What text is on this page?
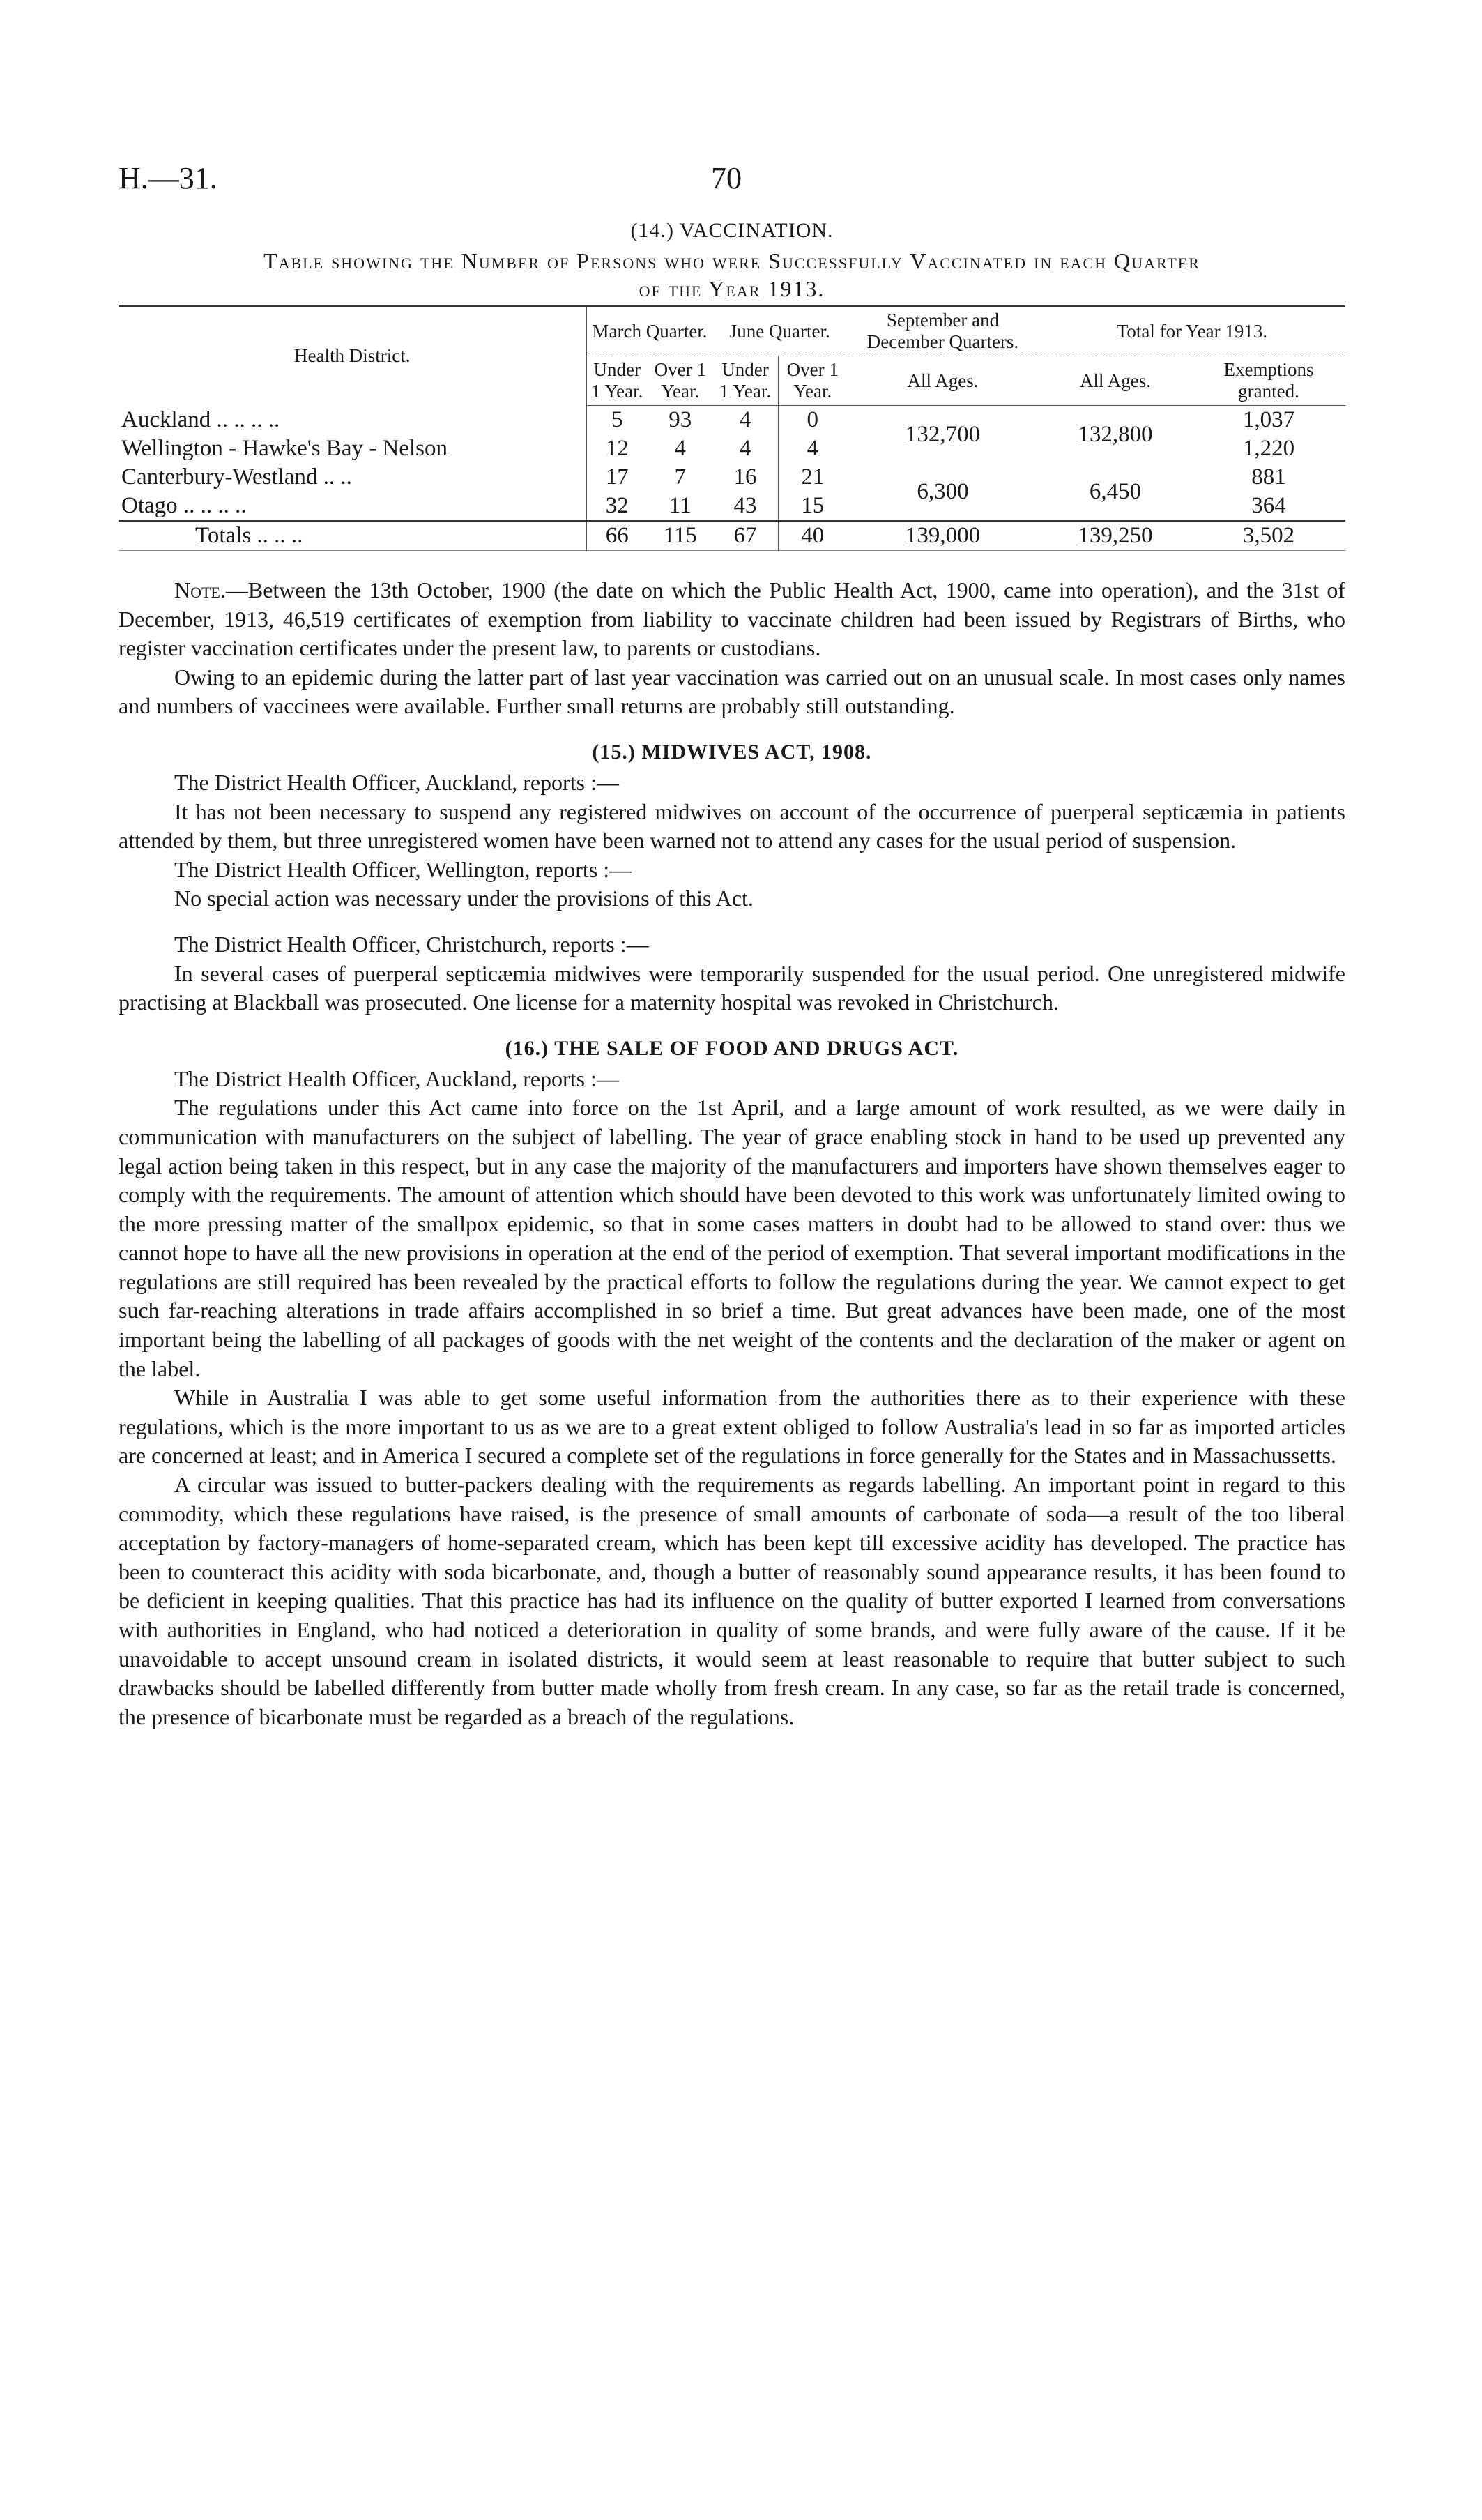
H.—31.	70
(14.) VACCINATION.
Table showing the Number of Persons who were Successfully Vaccinated in each Quarter
of the Year 1913.
Health District.	March Quarter.		June Quarter.		September and December Quarters.	Total for Year 1913.	
	Under 1 Year.	Over 1 Year.	Under 1 Year.	Over 1 Year.	All Ages.	All Ages.	Exemptions granted.
Auckland .. .. .. ..	5	93	4	0	132,700	132,800	1,037
Wellington - Hawke's Bay - Nelson	12	4	4	4			1,220
Canterbury-Westland .. ..	17	7	16	21	6,300	6,450	881
Otago .. .. .. ..	32	11	43	15			364
Totals .. .. ..	66	115	67	40	139,000	139,250	3,502

Note.—Between the 13th October, 1900 (the date on which the Public Health Act, 1900, came into operation), and the 31st of December, 1913, 46,519 certificates of exemption from liability to vaccinate children had been issued by Registrars of Births, who register vaccination certificates under the present law, to parents or custodians.

Owing to an epidemic during the latter part of last year vaccination was carried out on an unusual scale. In most cases only names and numbers of vaccinees were available. Further small returns are probably still outstanding.

(15.) MIDWIVES ACT, 1908.

The District Health Officer, Auckland, reports :—

It has not been necessary to suspend any registered midwives on account of the occurrence of puerperal septicæmia in patients attended by them, but three unregistered women have been warned not to attend any cases for the usual period of suspension.

The District Health Officer, Wellington, reports :—

No special action was necessary under the provisions of this Act.

The District Health Officer, Christchurch, reports :—

In several cases of puerperal septicæmia midwives were temporarily suspended for the usual period. One unregistered midwife practising at Blackball was prosecuted. One license for a maternity hospital was revoked in Christchurch.

(16.) THE SALE OF FOOD AND DRUGS ACT.

The District Health Officer, Auckland, reports :—

The regulations under this Act came into force on the 1st April, and a large amount of work resulted, as we were daily in communication with manufacturers on the subject of labelling. The year of grace enabling stock in hand to be used up prevented any legal action being taken in this respect, but in any case the majority of the manufacturers and importers have shown themselves eager to comply with the requirements. The amount of attention which should have been devoted to this work was unfortunately limited owing to the more pressing matter of the smallpox epidemic, so that in some cases matters in doubt had to be allowed to stand over: thus we cannot hope to have all the new provisions in operation at the end of the period of exemption. That several important modifications in the regulations are still required has been revealed by the practical efforts to follow the regulations during the year. We cannot expect to get such far-reaching alterations in trade affairs accomplished in so brief a time. But great advances have been made, one of the most important being the labelling of all packages of goods with the net weight of the contents and the declaration of the maker or agent on the label.

While in Australia I was able to get some useful information from the authorities there as to their experience with these regulations, which is the more important to us as we are to a great extent obliged to follow Australia's lead in so far as imported articles are concerned at least; and in America I secured a complete set of the regulations in force generally for the States and in Massachussetts.

A circular was issued to butter-packers dealing with the requirements as regards labelling. An important point in regard to this commodity, which these regulations have raised, is the presence of small amounts of carbonate of soda—a result of the too liberal acceptation by factory-managers of home-separated cream, which has been kept till excessive acidity has developed. The practice has been to counteract this acidity with soda bicarbonate, and, though a butter of reasonably sound appearance results, it has been found to be deficient in keeping qualities. That this practice has had its influence on the quality of butter exported I learned from conversations with authorities in England, who had noticed a deterioration in quality of some brands, and were fully aware of the cause. If it be unavoidable to accept unsound cream in isolated districts, it would seem at least reasonable to require that butter subject to such drawbacks should be labelled differently from butter made wholly from fresh cream. In any case, so far as the retail trade is concerned, the presence of bicarbonate must be regarded as a breach of the regulations.
